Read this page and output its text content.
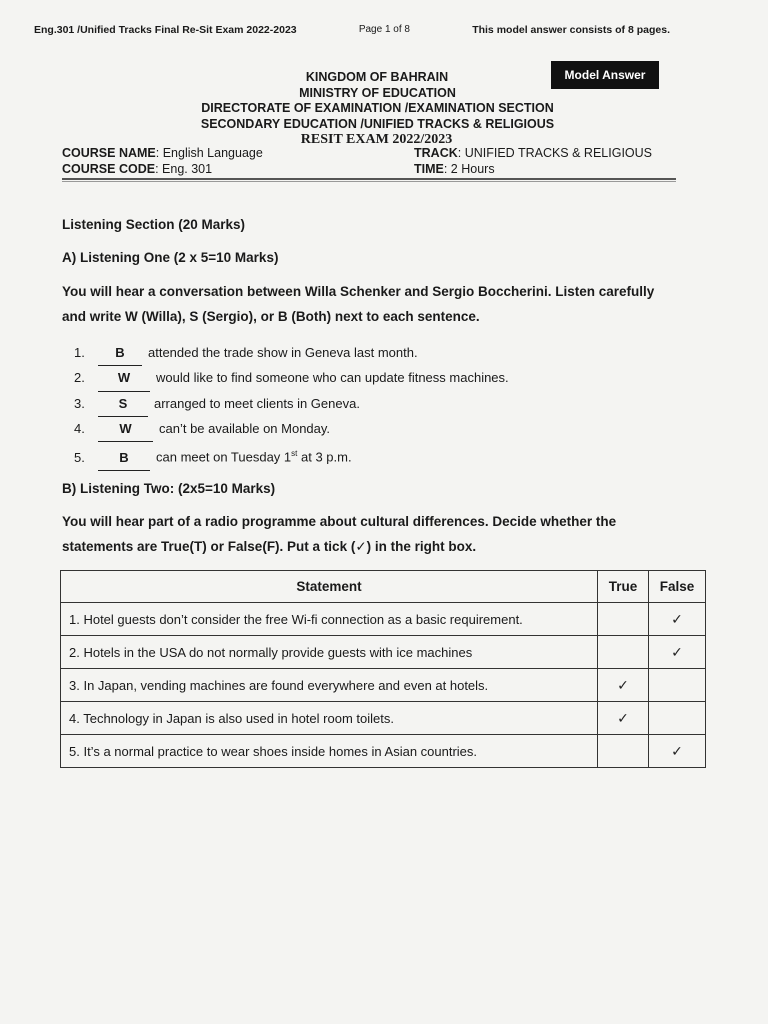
Eng.301 /Unified Tracks Final Re-Sit Exam 2022-2023	Page 1 of 8	This model answer consists of 8 pages.
Model Answer
KINGDOM OF BAHRAIN
MINISTRY OF EDUCATION
DIRECTORATE OF EXAMINATION /EXAMINATION SECTION
SECONDARY EDUCATION /UNIFIED TRACKS & RELIGIOUS
RESIT EXAM 2022/2023
COURSE NAME: English Language	TRACK: UNIFIED TRACKS & RELIGIOUS
COURSE CODE: Eng. 301	TIME: 2 Hours
Listening Section (20 Marks)
A) Listening One (2 x 5=10 Marks)
You will hear a conversation between Willa Schenker and Sergio Boccherini. Listen carefully and write W (Willa), S (Sergio), or B (Both) next to each sentence.
1.	B	attended the trade show in Geneva last month.
2.	W	would like to find someone who can update fitness machines.
3.	S	arranged to meet clients in Geneva.
4.	W	can’t be available on Monday.
5.	B	can meet on Tuesday 1st at 3 p.m.
B) Listening Two: (2x5=10 Marks)
You will hear part of a radio programme about cultural differences. Decide whether the statements are True(T) or False(F). Put a tick (✓) in the right box.
Statement	True	False
1. Hotel guests don’t consider the free Wi-fi connection as a basic requirement.		✓
2. Hotels in the USA do not normally provide guests with ice machines		✓
3. In Japan, vending machines are found everywhere and even at hotels.	✓	
4. Technology in Japan is also used in hotel room toilets.	✓	
5. It’s a normal practice to wear shoes inside homes in Asian countries.		✓
